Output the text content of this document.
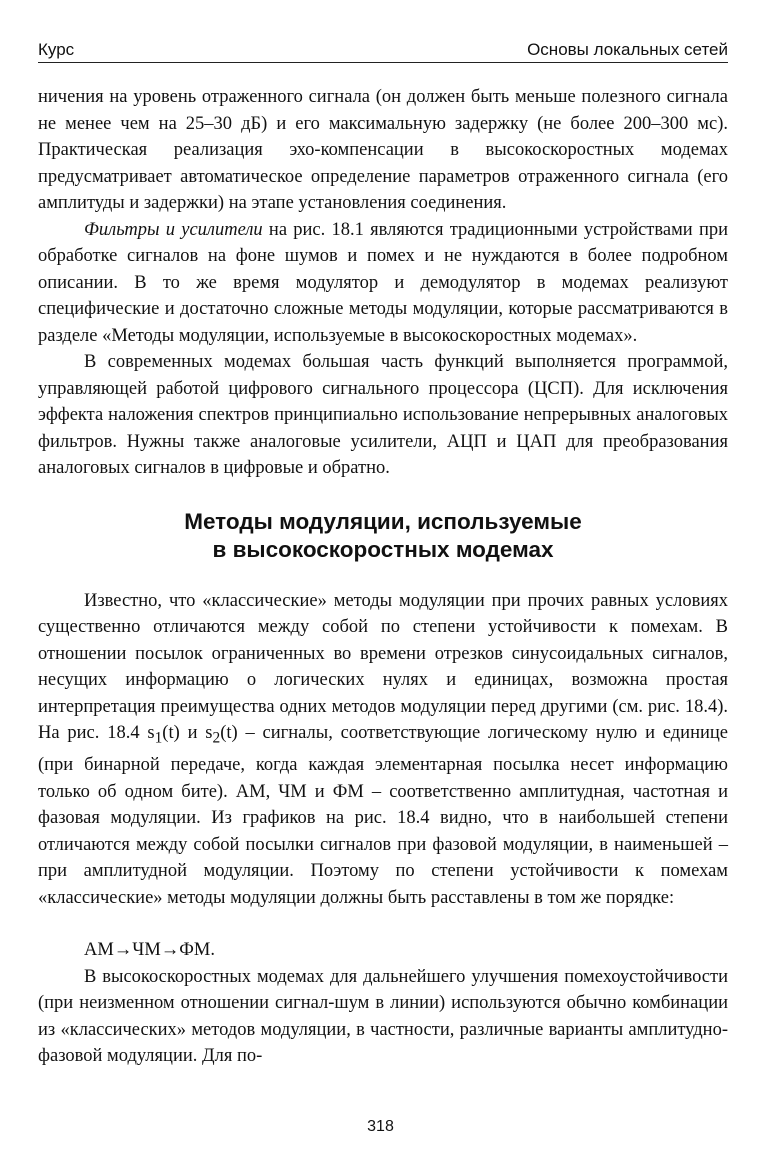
Курс	Основы локальных сетей

ничения на уровень отраженного сигнала (он должен быть меньше полезного сигнала не менее чем на 25–30 дБ) и его максимальную задержку (не более 200–300 мс). Практическая реализация эхо-компенсации в высокоскоростных модемах предусматривает автоматическое определение параметров отраженного сигнала (его амплитуды и задержки) на этапе установления соединения.

Фильтры и усилители на рис. 18.1 являются традиционными устройствами при обработке сигналов на фоне шумов и помех и не нуждаются в более подробном описании. В то же время модулятор и демодулятор в модемах реализуют специфические и достаточно сложные методы модуляции, которые рассматриваются в разделе «Методы модуляции, используемые в высокоскоростных модемах».

В современных модемах большая часть функций выполняется программой, управляющей работой цифрового сигнального процессора (ЦСП). Для исключения эффекта наложения спектров принципиально использование непрерывных аналоговых фильтров. Нужны также аналоговые усилители, АЦП и ЦАП для преобразования аналоговых сигналов в цифровые и обратно.

Методы модуляции, используемые
в высокоскоростных модемах

Известно, что «классические» методы модуляции при прочих равных условиях существенно отличаются между собой по степени устойчивости к помехам. В отношении посылок ограниченных во времени отрезков синусоидальных сигналов, несущих информацию о логических нулях и единицах, возможна простая интерпретация преимущества одних методов модуляции перед другими (см. рис. 18.4). На рис. 18.4 $s_1(t)$ и $s_2(t)$ – сигналы, соответствующие логическому нулю и единице (при бинарной передаче, когда каждая элементарная посылка несет информацию только об одном бите). АМ, ЧМ и ФМ – соответственно амплитудная, частотная и фазовая модуляции. Из графиков на рис. 18.4 видно, что в наибольшей степени отличаются между собой посылки сигналов при фазовой модуляции, в наименьшей – при амплитудной модуляции. Поэтому по степени устойчивости к помехам «классические» методы модуляции должны быть расставлены в том же порядке:

АМ→ЧМ→ФМ.

В высокоскоростных модемах для дальнейшего улучшения помехоустойчивости (при неизменном отношении сигнал-шум в линии) используются обычно комбинации из «классических» методов модуляции, в частности, различные варианты амплитудно-фазовой модуляции. Для по-

318
